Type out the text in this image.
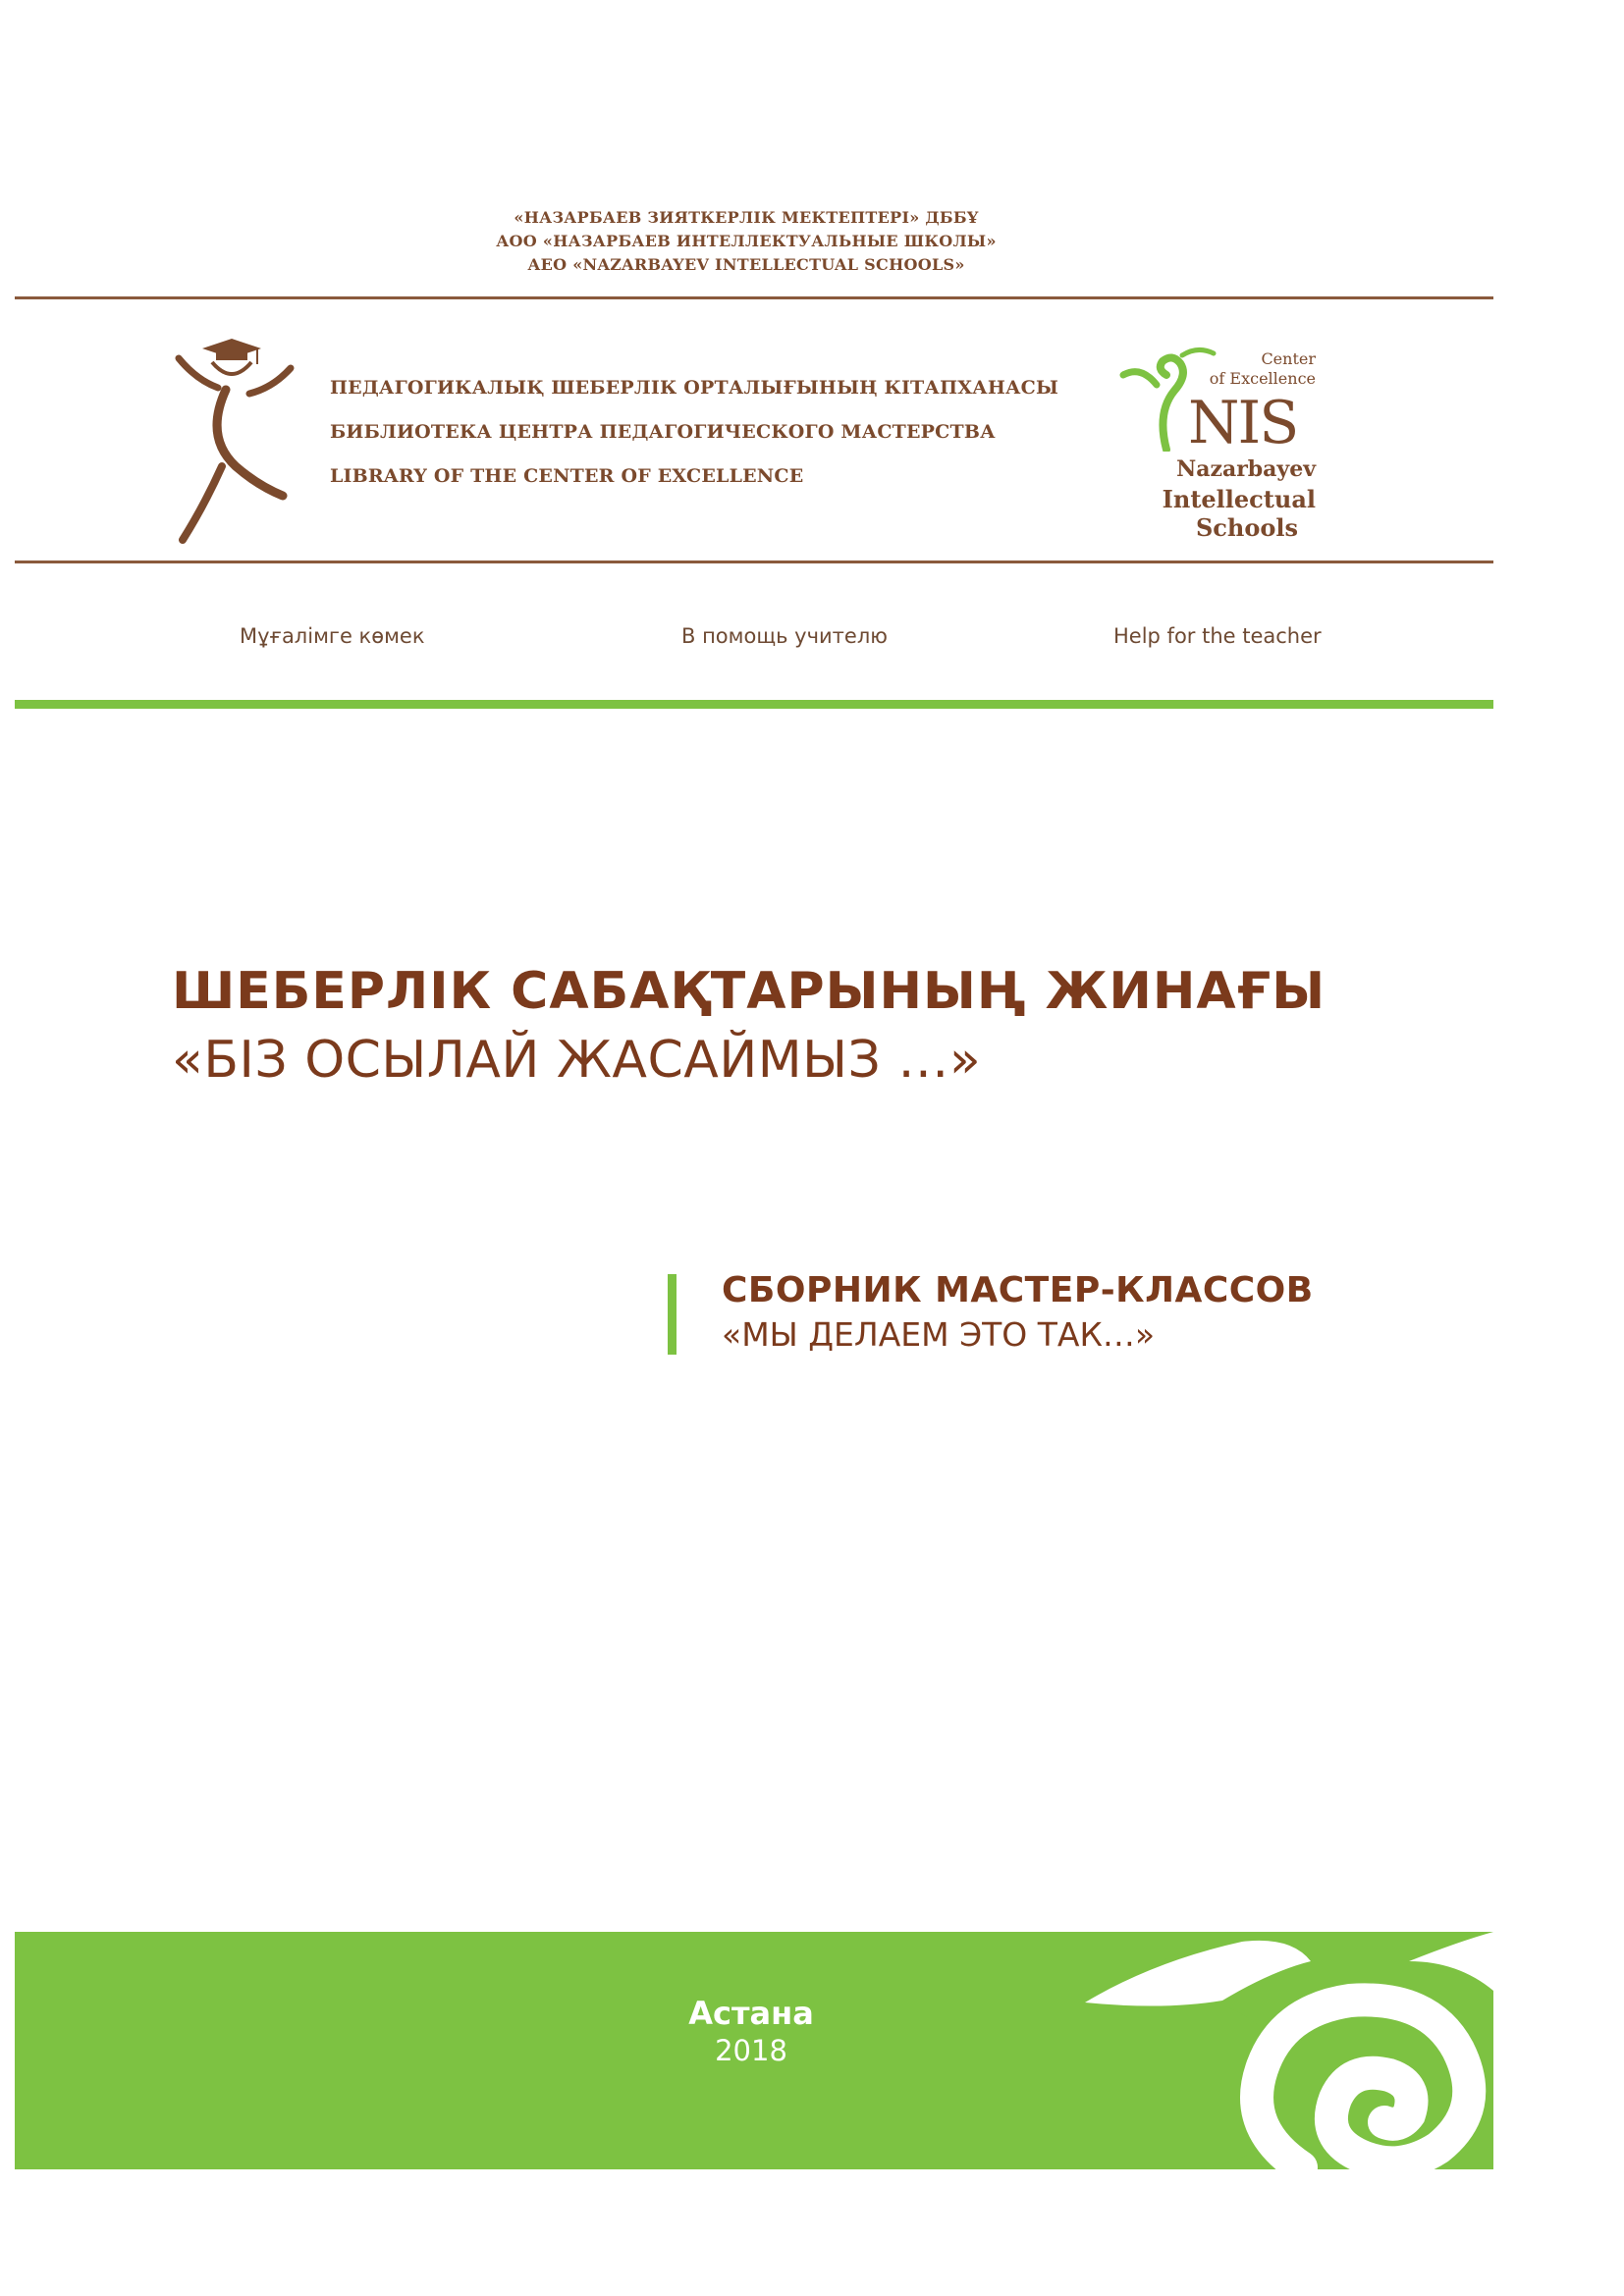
«НАЗАРБАЕВ ЗИЯТКЕРЛІК МЕКТЕПТЕРІ» ДББҰ
АОО «НАЗАРБАЕВ ИНТЕЛЛЕКТУАЛЬНЫЕ ШКОЛЫ»
АЕО «NAZARBAYEV INTELLECTUAL SCHOOLS»
ПЕДАГОГИКАЛЫҚ ШЕБЕРЛІК ОРТАЛЫҒЫНЫҢ КІТАПХАНАСЫ
БИБЛИОТЕКА ЦЕНТРА ПЕДАГОГИЧЕСКОГО МАСТЕРСТВА
LIBRARY OF THE CENTER OF EXCELLENCE
Center
of Excellence
NIS
Nazarbayev
Intellectual
Schools
Мұғалімге көмек	В помощь учителю	Help for the teacher
ШЕБЕРЛІК САБАҚТАРЫНЫҢ ЖИНАҒЫ
«БІЗ ОСЫЛАЙ ЖАСАЙМЫЗ …»
СБОРНИК МАСТЕР-КЛАССОВ
«МЫ ДЕЛАЕМ ЭТО ТАК…»
Астана
2018
